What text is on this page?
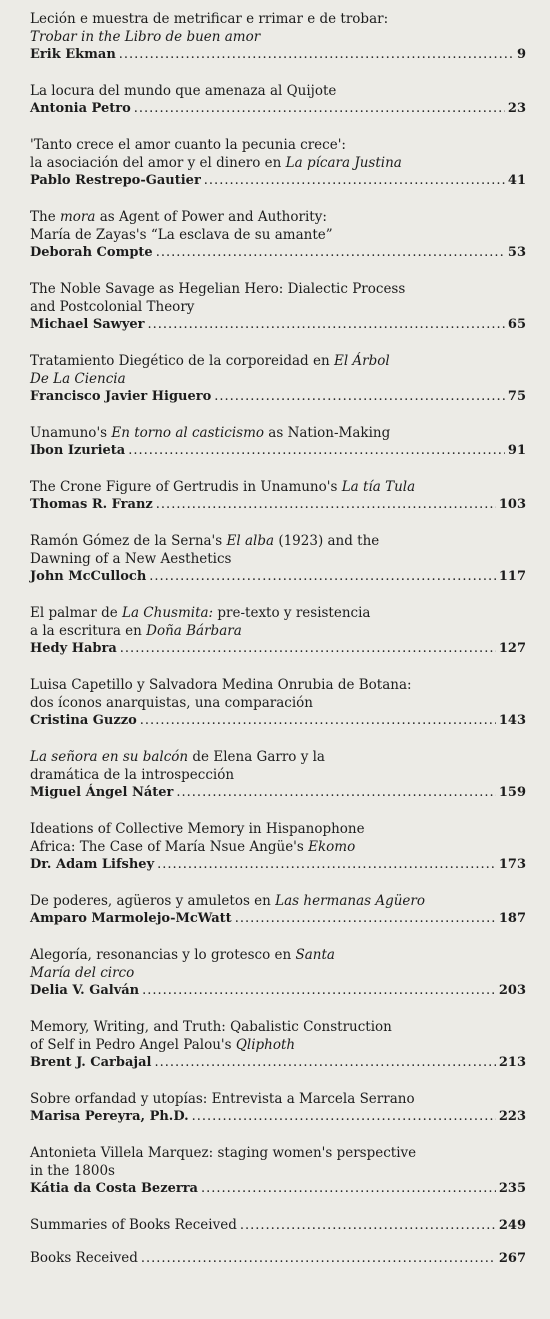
Leción e muestra de metrificar e rrimar e de trobar:
Trobar in the Libro de buen amor
Erik Ekman .....	9
La locura del mundo que amenaza al Quijote
Antonia Petro .....	23
'Tanto crece el amor cuanto la pecunia crece':
la asociación del amor y el dinero en La pícara Justina
Pablo Restrepo-Gautier .....	41
The mora as Agent of Power and Authority:
María de Zayas's “La esclava de su amante”
Deborah Compte .....	53
The Noble Savage as Hegelian Hero: Dialectic Process
and Postcolonial Theory
Michael Sawyer .....	65
Tratamiento Diegético de la corporeidad en El Árbol
De La Ciencia
Francisco Javier Higuero .....	75
Unamuno's En torno al casticismo as Nation-Making
Ibon Izurieta .....	91
The Crone Figure of Gertrudis in Unamuno's La tía Tula
Thomas R. Franz .....	103
Ramón Gómez de la Serna's El alba (1923) and the
Dawning of a New Aesthetics
John McCulloch .....	117
El palmar de La Chusmita: pre-texto y resistencia
a la escritura en Doña Bárbara
Hedy Habra .....	127
Luisa Capetillo y Salvadora Medina Onrubia de Botana:
dos íconos anarquistas, una comparación
Cristina Guzzo .....	143
La señora en su balcón de Elena Garro y la
dramática de la introspección
Miguel Ángel Náter .....	159
Ideations of Collective Memory in Hispanophone
Africa: The Case of María Nsue Angüe's Ekomo
Dr. Adam Lifshey .....	173
De poderes, agüeros y amuletos en Las hermanas Agüero
Amparo Marmolejo-McWatt .....	187
Alegoría, resonancias y lo grotesco en Santa
María del circo
Delia V. Galván .....	203
Memory, Writing, and Truth: Qabalistic Construction
of Self in Pedro Angel Palou's Qliphoth
Brent J. Carbajal .....	213
Sobre orfandad y utopías: Entrevista a Marcela Serrano
Marisa Pereyra, Ph.D. .....	223
Antonieta Villela Marquez: staging women's perspective
in the 1800s
Kátia da Costa Bezerra .....	235
Summaries of Books Received .....	249
Books Received .....	267
